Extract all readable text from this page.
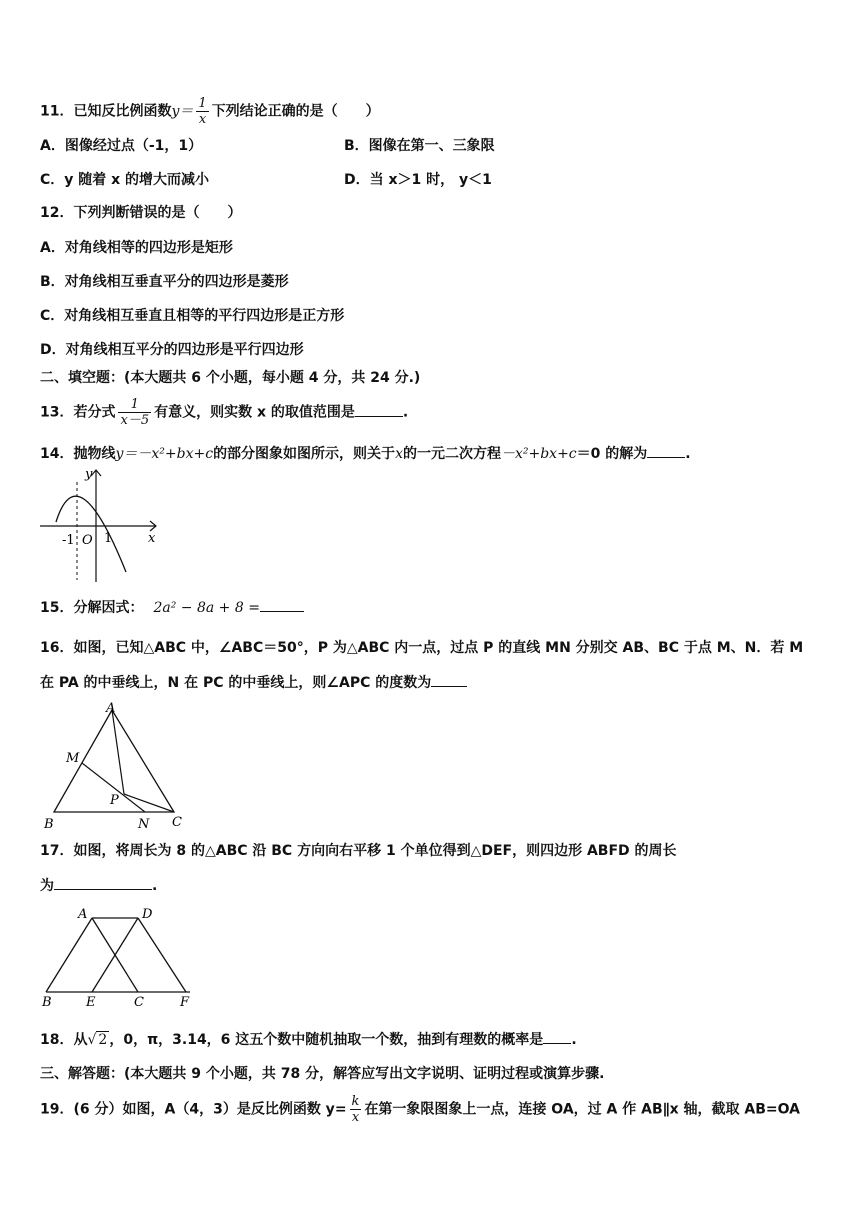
11．已知反比例函数$y= \frac{1}{x}$ 下列结论正确的是（　　）
A．图像经过点（-1，1）	B．图像在第一、三象限
C．y 随着 x 的增大而减小	D．当 x＞1 时， y＜1
12．下列判断错误的是（　　）
A．对角线相等的四边形是矩形
B．对角线相互垂直平分的四边形是菱形
C．对角线相互垂直且相等的平行四边形是正方形
D．对角线相互平分的四边形是平行四边形
二、填空题：(本大题共 6 个小题，每小题 4 分，共 24 分.)
13．若分式 $\frac{1}{x-5}$ 有意义，则实数 x 的取值范围是	.
14．抛物线y＝－x²+bx+c的部分图象如图所示，则关于x的一元二次方程－x²+bx+c＝0 的解为	.
y
x
O
-1 1
15．分解因式： 2a² − 8a + 8 =
16．如图，已知△ABC 中，∠ABC＝50°，P 为△ABC 内一点，过点 P 的直线 MN 分别交 AB、BC 于点 M、N．若 M
在 PA 的中垂线上，N 在 PC 的中垂线上，则∠APC 的度数为
A
B	C
M
N
P
17．如图，将周长为 8 的△ABC 沿 BC 方向向右平移 1 个单位得到△DEF，则四边形 ABFD 的周长
为	.
A	D
B	E	C	F
18．从√ 2 ，0，π，3.14，6 这五个数中随机抽取一个数，抽到有理数的概率是 .
三、解答题：(本大题共 9 个小题，共 78 分，解答应写出文字说明、证明过程或演算步骤.
19．(6 分）如图，A（4，3）是反比例函数 $y= \frac{k}{x}$ 在第一象限图象上一点，连接 OA，过 A 作 AB∥x 轴，截取 AB=OA
